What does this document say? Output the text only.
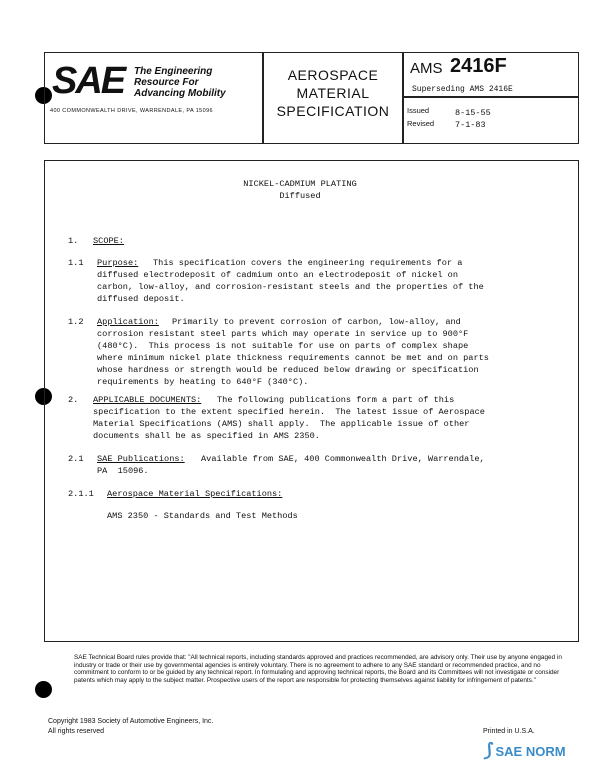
SAE The Engineering
Resource For
Advancing Mobility
400 COMMONWEALTH DRIVE, WARRENDALE, PA 15096
AEROSPACE
MATERIAL
SPECIFICATION
AMS 2416F
Superseding AMS 2416E
Issued	8-15-55
Revised 7-1-83
NICKEL-CADMIUM PLATING
Diffused
1. SCOPE:
1.1 Purpose: This specification covers the engineering requirements for a
diffused electrodeposit of cadmium onto an electrodeposit of nickel on
carbon, low-alloy, and corrosion-resistant steels and the properties of the
diffused deposit.
1.2 Application: Primarily to prevent corrosion of carbon, low-alloy, and
corrosion resistant steel parts which may operate in service up to 900°F
(480°C).  This process is not suitable for use on parts of complex shape
where minimum nickel plate thickness requirements cannot be met and on parts
whose hardness or strength would be reduced below drawing or specification
requirements by heating to 640°F (340°C).
2. APPLICABLE DOCUMENTS: The following publications form a part of this
specification to the extent specified herein.  The latest issue of Aerospace
Material Specifications (AMS) shall apply.  The applicable issue of other
documents shall be as specified in AMS 2350.
2.1 SAE Publications: Available from SAE, 400 Commonwealth Drive, Warrendale,
PA  15096.
2.1.1 Aerospace Material Specifications:
AMS 2350 - Standards and Test Methods
SAE Technical Board rules provide that: "All technical reports, including standards approved and practices recommended, are advisory only. Their use by anyone engaged in industry or trade or their use by governmental agencies is entirely voluntary. There is no agreement to adhere to any SAE standard or recommended practice, and no commitment to conform to or be guided by any technical report. In formulating and approving technical reports, the Board and its Committees will not investigate or consider patents which may apply to the subject matter. Prospective users of the report are responsible for protecting themselves against liability for infringement of patents."
Copyright 1983 Society of Automotive Engineers, Inc.
All rights reserved	Printed in U.S.A.
⟆ SAE NORM
